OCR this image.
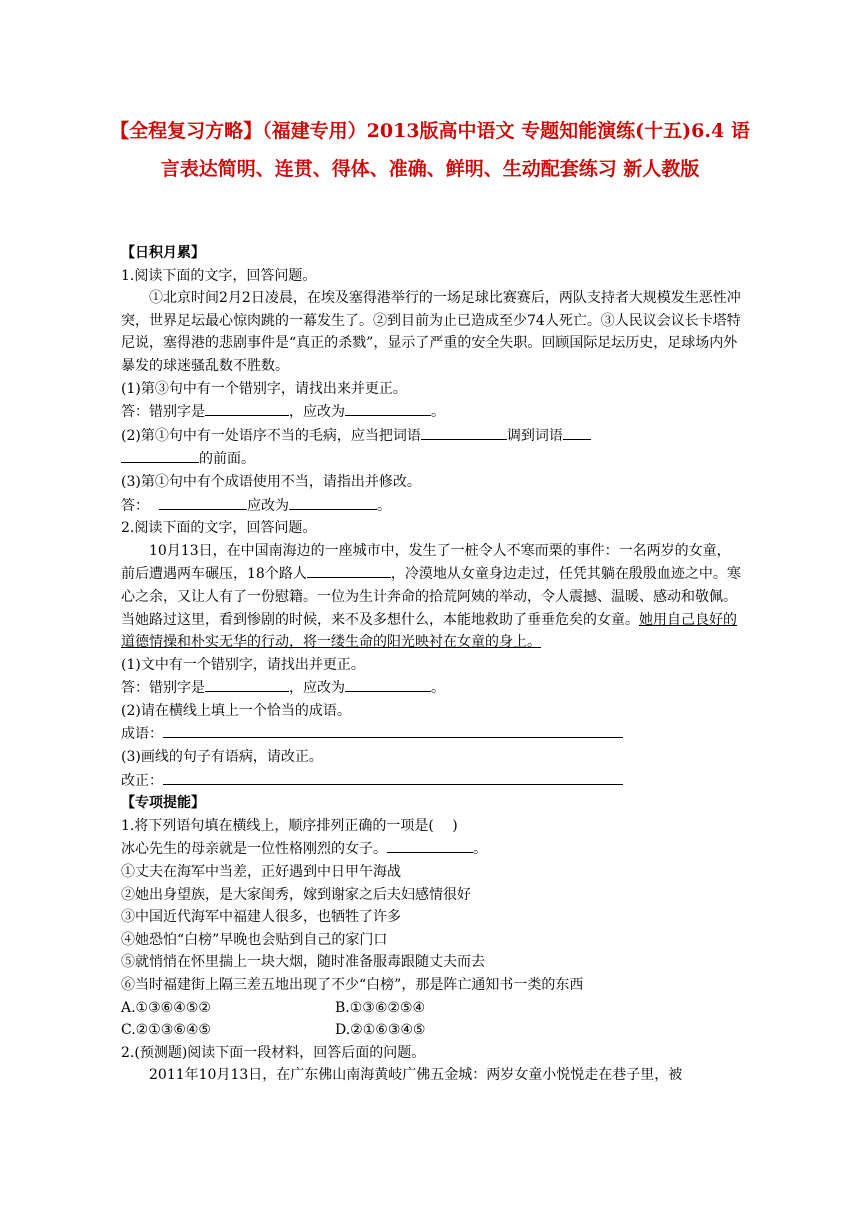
【全程复习方略】（福建专用）2013版高中语文 专题知能演练(十五)6.4 语言表达简明、连贯、得体、准确、鲜明、生动配套练习 新人教版

【日积月累】

1.阅读下面的文字，回答问题。

①北京时间2月2日凌晨，在埃及塞得港举行的一场足球比赛赛后，两队支持者大规模发生恶性冲突，世界足坛最心惊肉跳的一幕发生了。②到目前为止已造成至少74人死亡。③人民议会议长卡塔特尼说，塞得港的悲剧事件是“真正的杀戮”，显示了严重的安全失职。回顾国际足坛历史，足球场内外暴发的球迷骚乱数不胜数。

(1)第③句中有一个错别字，请找出来并更正。

答：错别字是	，应改为	。

(2)第①句中有一处语序不当的毛病，应当把词语	调到词语
的前面。

(3)第①句中有个成语使用不当，请指出并修改。

答：	应改为	。

2.阅读下面的文字，回答问题。

10月13日，在中国南海边的一座城市中，发生了一桩令人不寒而栗的事件：一名两岁的女童，前后遭遇两车碾压，18个路人	，冷漠地从女童身边走过，任凭其躺在殷殷血迹之中。寒心之余，又让人有了一份慰籍。一位为生计奔命的拾荒阿姨的举动，令人震撼、温暖、感动和敬佩。当她路过这里，看到惨剧的时候，来不及多想什么，本能地救助了垂垂危矣的女童。她用自己良好的道德情操和朴实无华的行动，将一缕生命的阳光映衬在女童的身上。

(1)文中有一个错别字，请找出并更正。

答：错别字是	，应改为	。

(2)请在横线上填上一个恰当的成语。

成语：

(3)画线的句子有语病，请改正。

改正：

【专项提能】

1.将下列语句填在横线上，顺序排列正确的一项是(　 )

冰心先生的母亲就是一位性格刚烈的女子。	。

①丈夫在海军中当差，正好遇到中日甲午海战

②她出身望族，是大家闺秀，嫁到谢家之后夫妇感情很好

③中国近代海军中福建人很多，也牺牲了许多

④她恐怕“白榜”早晚也会贴到自己的家门口

⑤就悄悄在怀里揣上一块大烟，随时准备服毒跟随丈夫而去

⑥当时福建街上隔三差五地出现了不少“白榜”，那是阵亡通知书一类的东西

A.①③⑥④⑤②	B.①③⑥②⑤④
C.②①③⑥④⑤	D.②①⑥③④⑤

2.(预测题)阅读下面一段材料，回答后面的问题。

2011年10月13日，在广东佛山南海黄岐广佛五金城：两岁女童小悦悦走在巷子里，被
